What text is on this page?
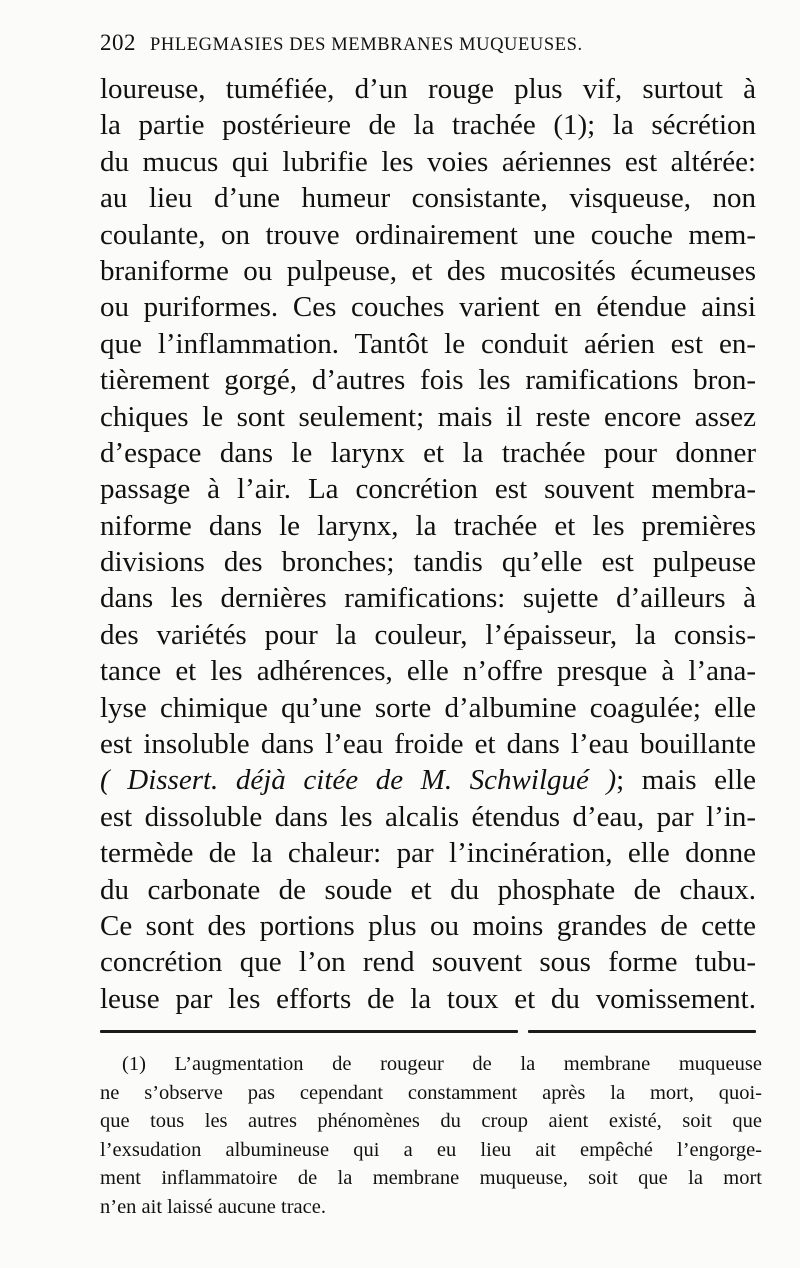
202 PHLEGMASIES DES MEMBRANES MUQUEUSES.
loureuse, tuméfiée, d’un rouge plus vif, surtout à
la partie postérieure de la trachée (1); la sécrétion
du mucus qui lubrifie les voies aériennes est altérée:
au lieu d’une humeur consistante, visqueuse, non
coulante, on trouve ordinairement une couche mem-
braniforme ou pulpeuse, et des mucosités écumeuses
ou puriformes. Ces couches varient en étendue ainsi
que l’inflammation. Tantôt le conduit aérien est en-
tièrement gorgé, d’autres fois les ramifications bron-
chiques le sont seulement; mais il reste encore assez
d’espace dans le larynx et la trachée pour donner
passage à l’air. La concrétion est souvent membra-
niforme dans le larynx, la trachée et les premières
divisions des bronches; tandis qu’elle est pulpeuse
dans les dernières ramifications: sujette d’ailleurs à
des variétés pour la couleur, l’épaisseur, la consis-
tance et les adhérences, elle n’offre presque à l’ana-
lyse chimique qu’une sorte d’albumine coagulée; elle
est insoluble dans l’eau froide et dans l’eau bouillante
( Dissert. déjà citée de M. Schwilgué ); mais elle
est dissoluble dans les alcalis étendus d’eau, par l’in-
termède de la chaleur: par l’incinération, elle donne
du carbonate de soude et du phosphate de chaux.
Ce sont des portions plus ou moins grandes de cette
concrétion que l’on rend souvent sous forme tubu-
leuse par les efforts de la toux et du vomissement.
(1) L’augmentation de rougeur de la membrane muqueuse
ne s’observe pas cependant constamment après la mort, quoi-
que tous les autres phénomènes du croup aient existé, soit que
l’exsudation albumineuse qui a eu lieu ait empêché l’engorge-
ment inflammatoire de la membrane muqueuse, soit que la mort
n’en ait laissé aucune trace.
